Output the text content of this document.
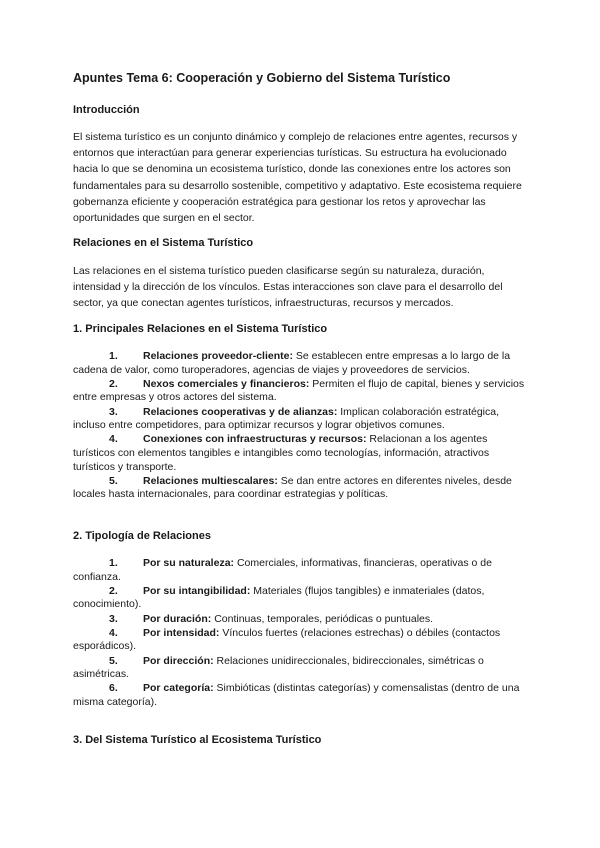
Apuntes Tema 6: Cooperación y Gobierno del Sistema Turístico
Introducción
El sistema turístico es un conjunto dinámico y complejo de relaciones entre agentes, recursos y entornos que interactúan para generar experiencias turísticas. Su estructura ha evolucionado hacia lo que se denomina un ecosistema turístico, donde las conexiones entre los actores son fundamentales para su desarrollo sostenible, competitivo y adaptativo. Este ecosistema requiere gobernanza eficiente y cooperación estratégica para gestionar los retos y aprovechar las oportunidades que surgen en el sector.
Relaciones en el Sistema Turístico
Las relaciones en el sistema turístico pueden clasificarse según su naturaleza, duración, intensidad y la dirección de los vínculos. Estas interacciones son clave para el desarrollo del sector, ya que conectan agentes turísticos, infraestructuras, recursos y mercados.
1. Principales Relaciones en el Sistema Turístico
1. Relaciones proveedor-cliente: Se establecen entre empresas a lo largo de la cadena de valor, como turoperadores, agencias de viajes y proveedores de servicios.
2. Nexos comerciales y financieros: Permiten el flujo de capital, bienes y servicios entre empresas y otros actores del sistema.
3. Relaciones cooperativas y de alianzas: Implican colaboración estratégica, incluso entre competidores, para optimizar recursos y lograr objetivos comunes.
4. Conexiones con infraestructuras y recursos: Relacionan a los agentes turísticos con elementos tangibles e intangibles como tecnologías, información, atractivos turísticos y transporte.
5. Relaciones multiescalares: Se dan entre actores en diferentes niveles, desde locales hasta internacionales, para coordinar estrategias y políticas.
2. Tipología de Relaciones
1. Por su naturaleza: Comerciales, informativas, financieras, operativas o de confianza.
2. Por su intangibilidad: Materiales (flujos tangibles) e inmateriales (datos, conocimiento).
3. Por duración: Continuas, temporales, periódicas o puntuales.
4. Por intensidad: Vínculos fuertes (relaciones estrechas) o débiles (contactos esporádicos).
5. Por dirección: Relaciones unidireccionales, bidireccionales, simétricas o asimétricas.
6. Por categoría: Simbióticas (distintas categorías) y comensalistas (dentro de una misma categoría).
3. Del Sistema Turístico al Ecosistema Turístico
